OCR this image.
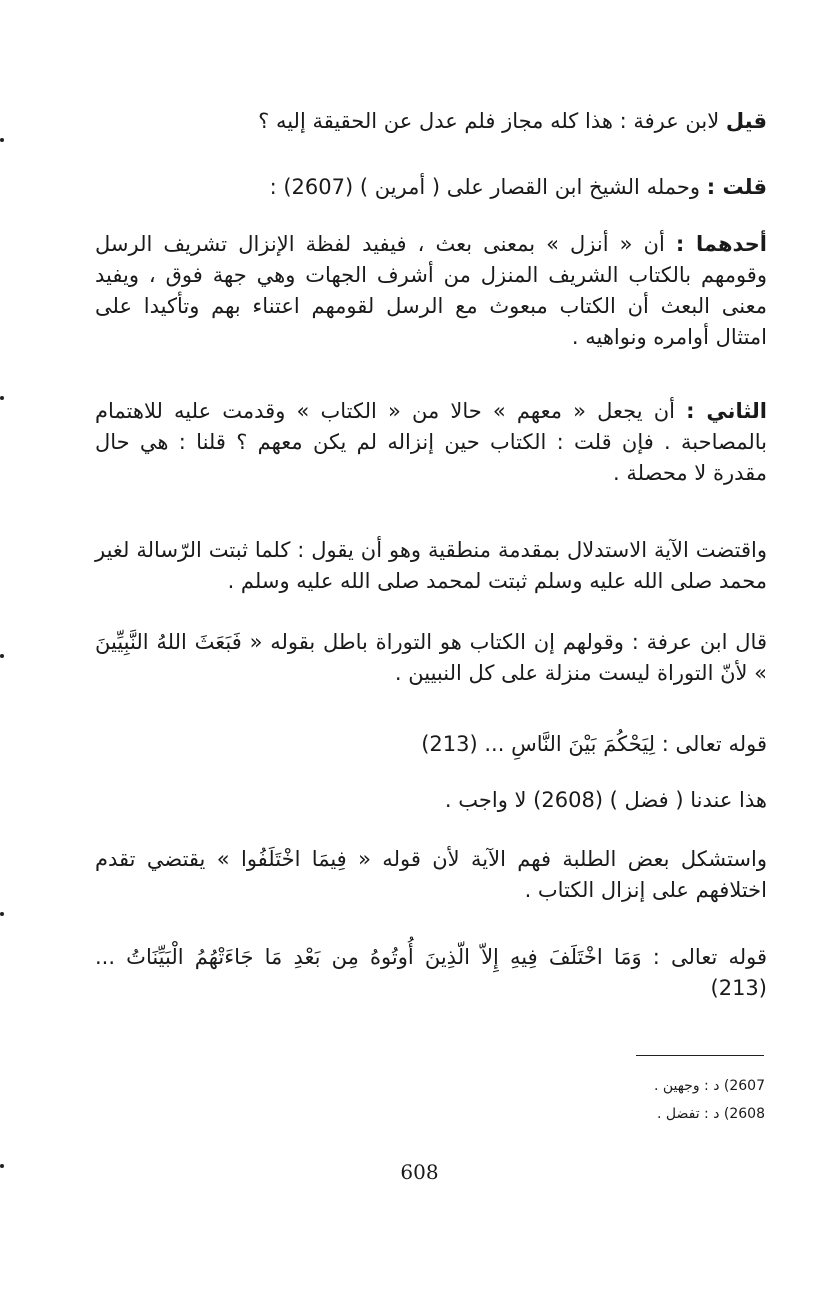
قيل لابن عرفة : هذا كله مجاز فلم عدل عن الحقيقة إليه ؟

قلت : وحمله الشيخ ابن القصار على ( أمرين ) (2607) :

أحدهما : أن « أنزل » بمعنى بعث ، فيفيد لفظة الإنزال تشريف الرسل وقومهم بالكتاب الشريف المنزل من أشرف الجهات وهي جهة فوق ، ويفيد معنى البعث أن الكتاب مبعوث مع الرسل لقومهم اعتناء بهم وتأكيدا على امتثال أوامره ونواهيه .

الثاني : أن يجعل « معهم » حالا من « الكتاب » وقدمت عليه للاهتمام بالمصاحبة . فإن قلت : الكتاب حين إنزاله لم يكن معهم ؟ قلنا : هي حال مقدرة لا محصلة .

واقتضت الآية الاستدلال بمقدمة منطقية وهو أن يقول : كلما ثبتت الرّسالة لغير محمد صلى الله عليه وسلم ثبتت لمحمد صلى الله عليه وسلم .

قال ابن عرفة : وقولهم إن الكتاب هو التوراة باطل بقوله « فَبَعَثَ اللهُ النَّبِيِّينَ » لأنّ التوراة ليست منزلة على كل النبيين .

قوله تعالى : لِيَحْكُمَ بَيْنَ النَّاسِ ... (213)

هذا عندنا ( فضل ) (2608) لا واجب .

واستشكل بعض الطلبة فهم الآية لأن قوله « فِيمَا اخْتَلَفُوا » يقتضي تقدم اختلافهم على إنزال الكتاب .

قوله تعالى : وَمَا اخْتَلَفَ فِيهِ إِلاّ الّذِينَ أُوتُوهُ مِن بَعْدِ مَا جَاءَتْهُمُ الْبَيِّنَاتُ ... (213)

2607) د : وجهين .

2608) د : تفضل .

608
